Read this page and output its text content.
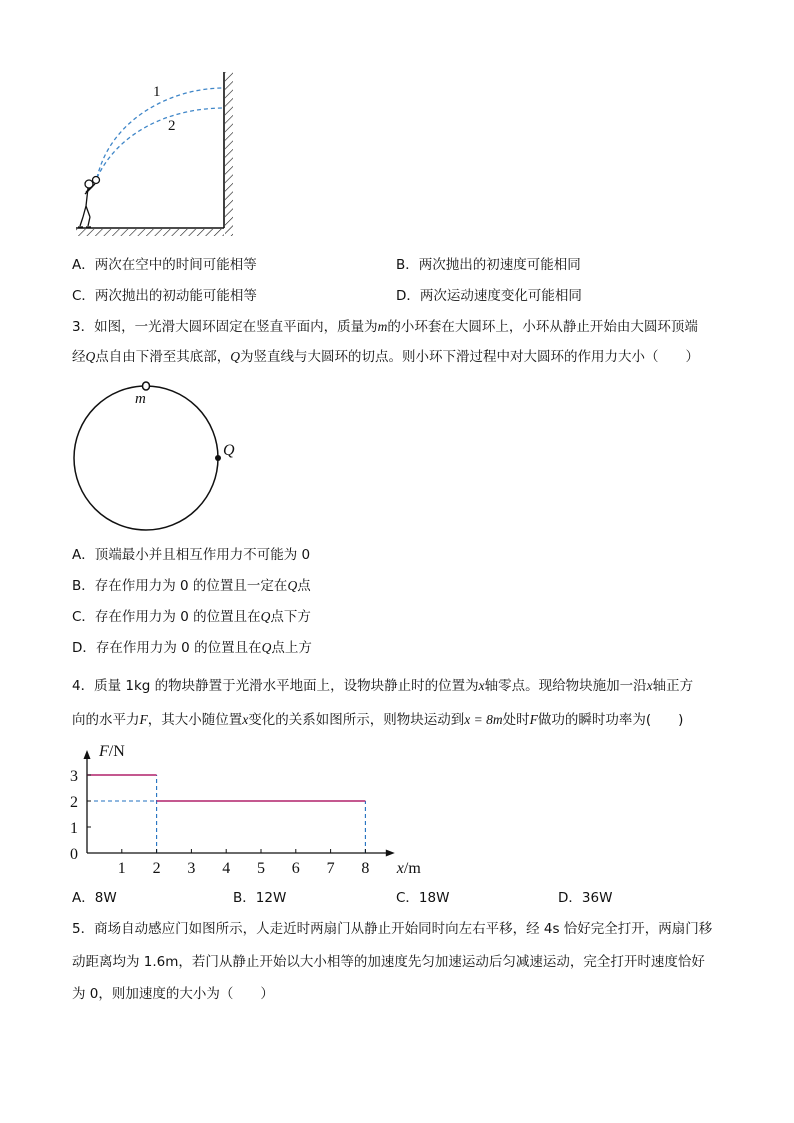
1
2
A．两次在空中的时间可能相等	B．两次抛出的初速度可能相同
C．两次抛出的初动能可能相等	D．两次运动速度变化可能相同
3．如图，一光滑大圆环固定在竖直平面内，质量为m的小环套在大圆环上，小环从静止开始由大圆环顶端
经Q点自由下滑至其底部，Q为竖直线与大圆环的切点。则小环下滑过程中对大圆环的作用力大小（　　）
m
Q
A．顶端最小并且相互作用力不可能为 0
B．存在作用力为 0 的位置且一定在Q点
C．存在作用力为 0 的位置且在Q点下方
D．存在作用力为 0 的位置且在Q点上方
4．质量 1kg 的物块静置于光滑水平地面上，设物块静止时的位置为x轴零点。现给物块施加一沿x轴正方
向的水平力F，其大小随位置x变化的关系如图所示，则物块运动到x = 8m处时F做功的瞬时功率为(　　)
1 2 3 4 5 6 7 8
0
1
2
3
F/N
x/m
A．8W	B．12W	C．18W	D．36W
5．商场自动感应门如图所示，人走近时两扇门从静止开始同时向左右平移，经 4s 恰好完全打开，两扇门移
动距离均为 1.6m，若门从静止开始以大小相等的加速度先匀加速运动后匀减速运动，完全打开时速度恰好
为 0，则加速度的大小为（　　）
